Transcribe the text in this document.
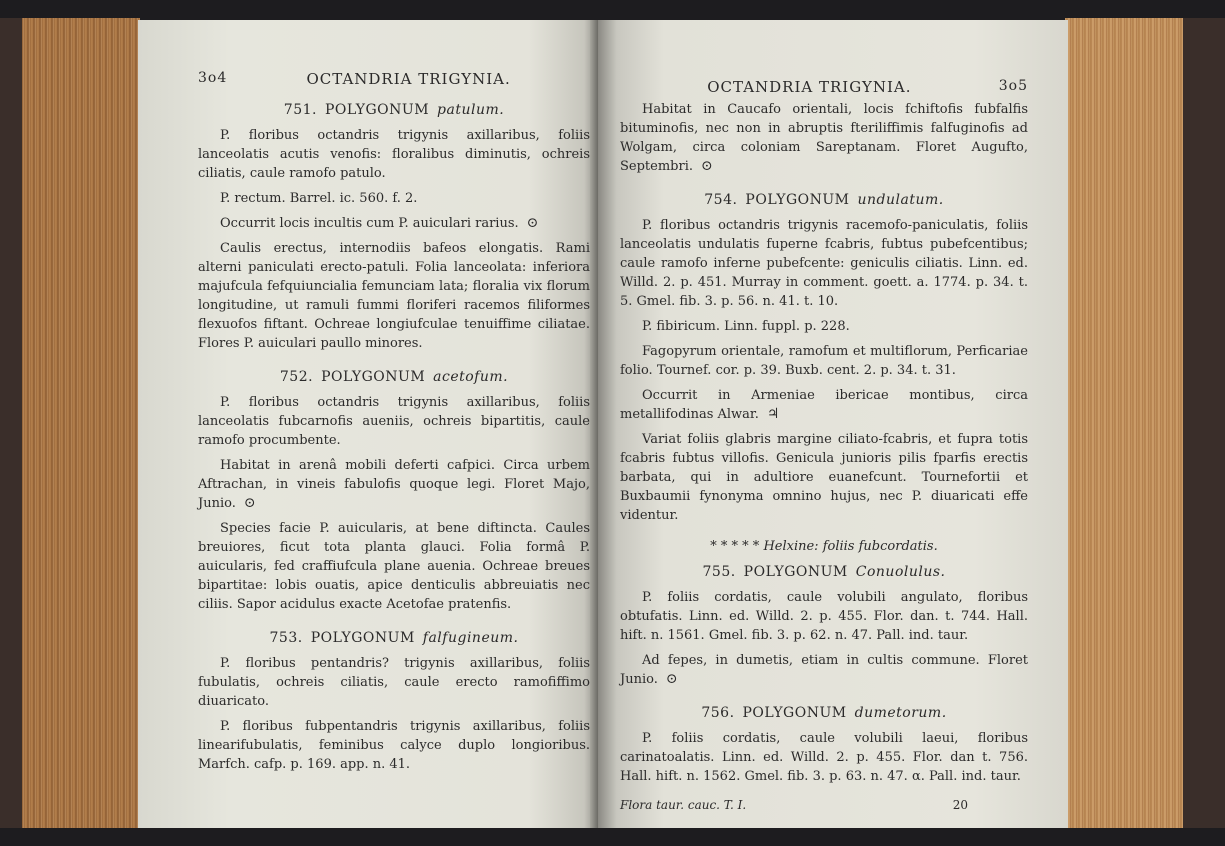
3o4	OCTANDRIA TRIGYNIA.
751. POLYGONUM patulum.

P. floribus octandris trigynis axillaribus, foliis lanceolatis acutis venofis: floralibus diminutis, ochreis ciliatis, caule ramofo patulo.

P. rectum. Barrel. ic. 560. f. 2.

Occurrit locis incultis cum P. auiculari rarius. ⊙

Caulis erectus, internodiis bafeos elongatis. Rami alterni paniculati erecto-patuli. Folia lanceolata: inferiora majufcula fefquiuncialia femunciam lata; floralia vix florum longitudine, ut ramuli fummi floriferi racemos filiformes flexuofos fiftant. Ochreae longiufculae tenuiffime ciliatae. Flores P. auiculari paullo minores.

752. POLYGONUM acetofum.

P. floribus octandris trigynis axillaribus, foliis lanceolatis fubcarnofis aueniis, ochreis bipartitis, caule ramofo procumbente.

Habitat in arenâ mobili deferti cafpici. Circa urbem Aftrachan, in vineis fabulofis quoque legi. Floret Majo, Junio. ⊙

Species facie P. auicularis, at bene diftincta. Caules breuiores, ficut tota planta glauci. Folia formâ P. auicularis, fed craffiufcula plane auenia. Ochreae breues bipartitae: lobis ouatis, apice denticulis abbreuiatis nec ciliis. Sapor acidulus exacte Acetofae pratenfis.

753. POLYGONUM falfugineum.

P. floribus pentandris? trigynis axillaribus, foliis fubulatis, ochreis ciliatis, caule erecto ramofiffimo diuaricato.

P. floribus fubpentandris trigynis axillaribus, foliis linearifubulatis, feminibus calyce duplo longioribus. Marfch. cafp. p. 169. app. n. 41.

OCTANDRIA TRIGYNIA.	3o5

Habitat in Caucafo orientali, locis fchiftofis fubfalfis bituminofis, nec non in abruptis fteriliffimis falfuginofis ad Wolgam, circa coloniam Sareptanam. Floret Augufto, Septembri. ⊙

754. POLYGONUM undulatum.

P. floribus octandris trigynis racemofo-paniculatis, foliis lanceolatis undulatis fuperne fcabris, fubtus pubefcentibus; caule ramofo inferne pubefcente: geniculis ciliatis. Linn. ed. Willd. 2. p. 451. Murray in comment. goett. a. 1774. p. 34. t. 5. Gmel. fib. 3. p. 56. n. 41. t. 10.

P. fibiricum. Linn. fuppl. p. 228.

Fagopyrum orientale, ramofum et multiflorum, Perficariae folio. Tournef. cor. p. 39. Buxb. cent. 2. p. 34. t. 31.

Occurrit in Armeniae ibericae montibus, circa metallifodinas Alwar. ♃

Variat foliis glabris margine ciliato-fcabris, et fupra totis fcabris fubtus villofis. Genicula junioris pilis fparfis erectis barbata, qui in adultiore euanefcunt. Tournefortii et Buxbaumii fynonyma omnino hujus, nec P. diuaricati effe videntur.

* * * * * Helxine: foliis fubcordatis.
755. POLYGONUM Conuolulus.

P. foliis cordatis, caule volubili angulato, floribus obtufatis. Linn. ed. Willd. 2. p. 455. Flor. dan. t. 744. Hall. hift. n. 1561. Gmel. fib. 3. p. 62. n. 47. Pall. ind. taur.

Ad fepes, in dumetis, etiam in cultis commune. Floret Junio. ⊙

756. POLYGONUM dumetorum.

P. foliis cordatis, caule volubili laeui, floribus carinatoalatis. Linn. ed. Willd. 2. p. 455. Flor. dan t. 756. Hall. hift. n. 1562. Gmel. fib. 3. p. 63. n. 47. α. Pall. ind. taur.

Flora taur. cauc. T. I.	20
